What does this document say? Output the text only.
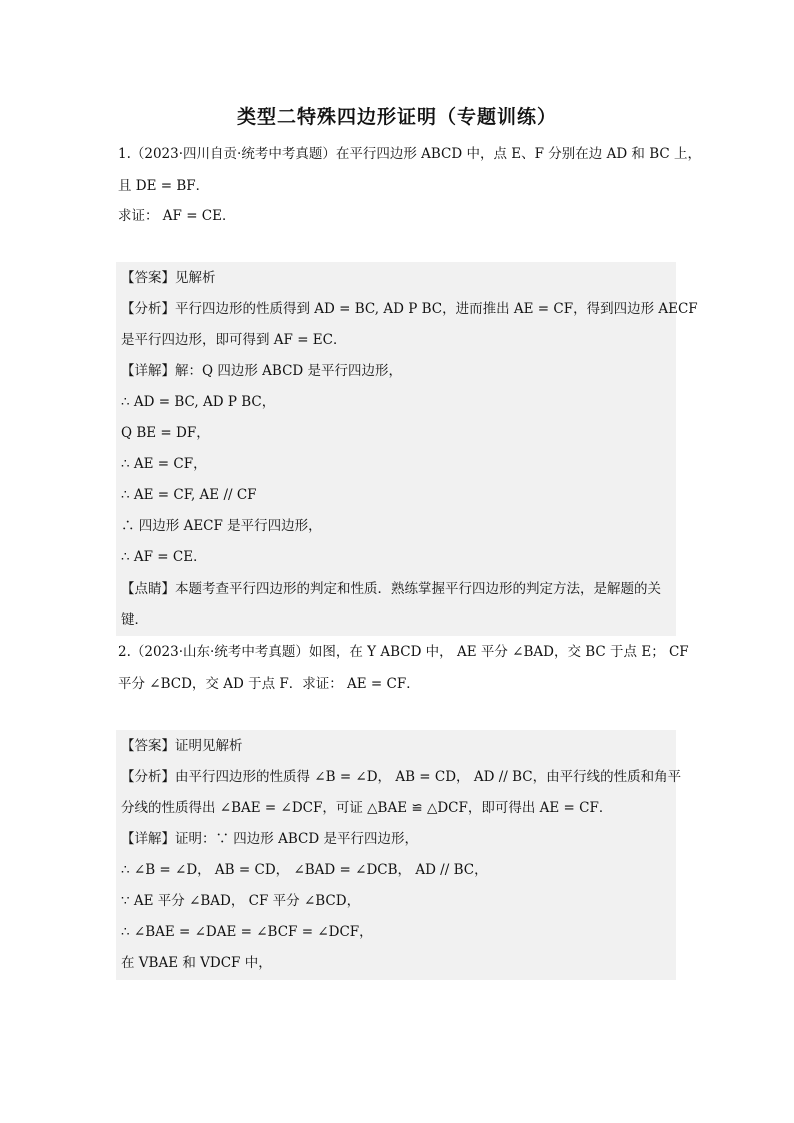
类型二特殊四边形证明（专题训练）
1.（2023·四川自贡·统考中考真题）在平行四边形 ABCD 中，点 E、F 分别在边 AD 和 BC 上，
且 DE = BF．
求证： AF = CE．
【答案】见解析
【分析】平行四边形的性质得到 AD = BC, AD P BC，进而推出 AE = CF，得到四边形 AECF
是平行四边形，即可得到 AF = EC．
【详解】解：Q 四边形 ABCD 是平行四边形，
∴ AD = BC, AD P BC，
Q BE = DF，
∴ AE = CF，
∴ AE = CF, AE // CF
∴ 四边形 AECF 是平行四边形，
∴ AF = CE．
【点睛】本题考查平行四边形的判定和性质．熟练掌握平行四边形的判定方法，是解题的关
键．
2.（2023·山东·统考中考真题）如图，在 Y ABCD 中， AE 平分 ∠BAD，交 BC 于点 E； CF
平分 ∠BCD，交 AD 于点 F．求证： AE = CF．
【答案】证明见解析
【分析】由平行四边形的性质得 ∠B = ∠D， AB = CD， AD // BC，由平行线的性质和角平
分线的性质得出 ∠BAE = ∠DCF，可证 △BAE ≌ △DCF，即可得出 AE = CF．
【详解】证明：∵ 四边形 ABCD 是平行四边形，
∴ ∠B = ∠D， AB = CD， ∠BAD = ∠DCB， AD // BC，
∵ AE 平分 ∠BAD， CF 平分 ∠BCD，
∴ ∠BAE = ∠DAE = ∠BCF = ∠DCF，
在 VBAE 和 VDCF 中，
